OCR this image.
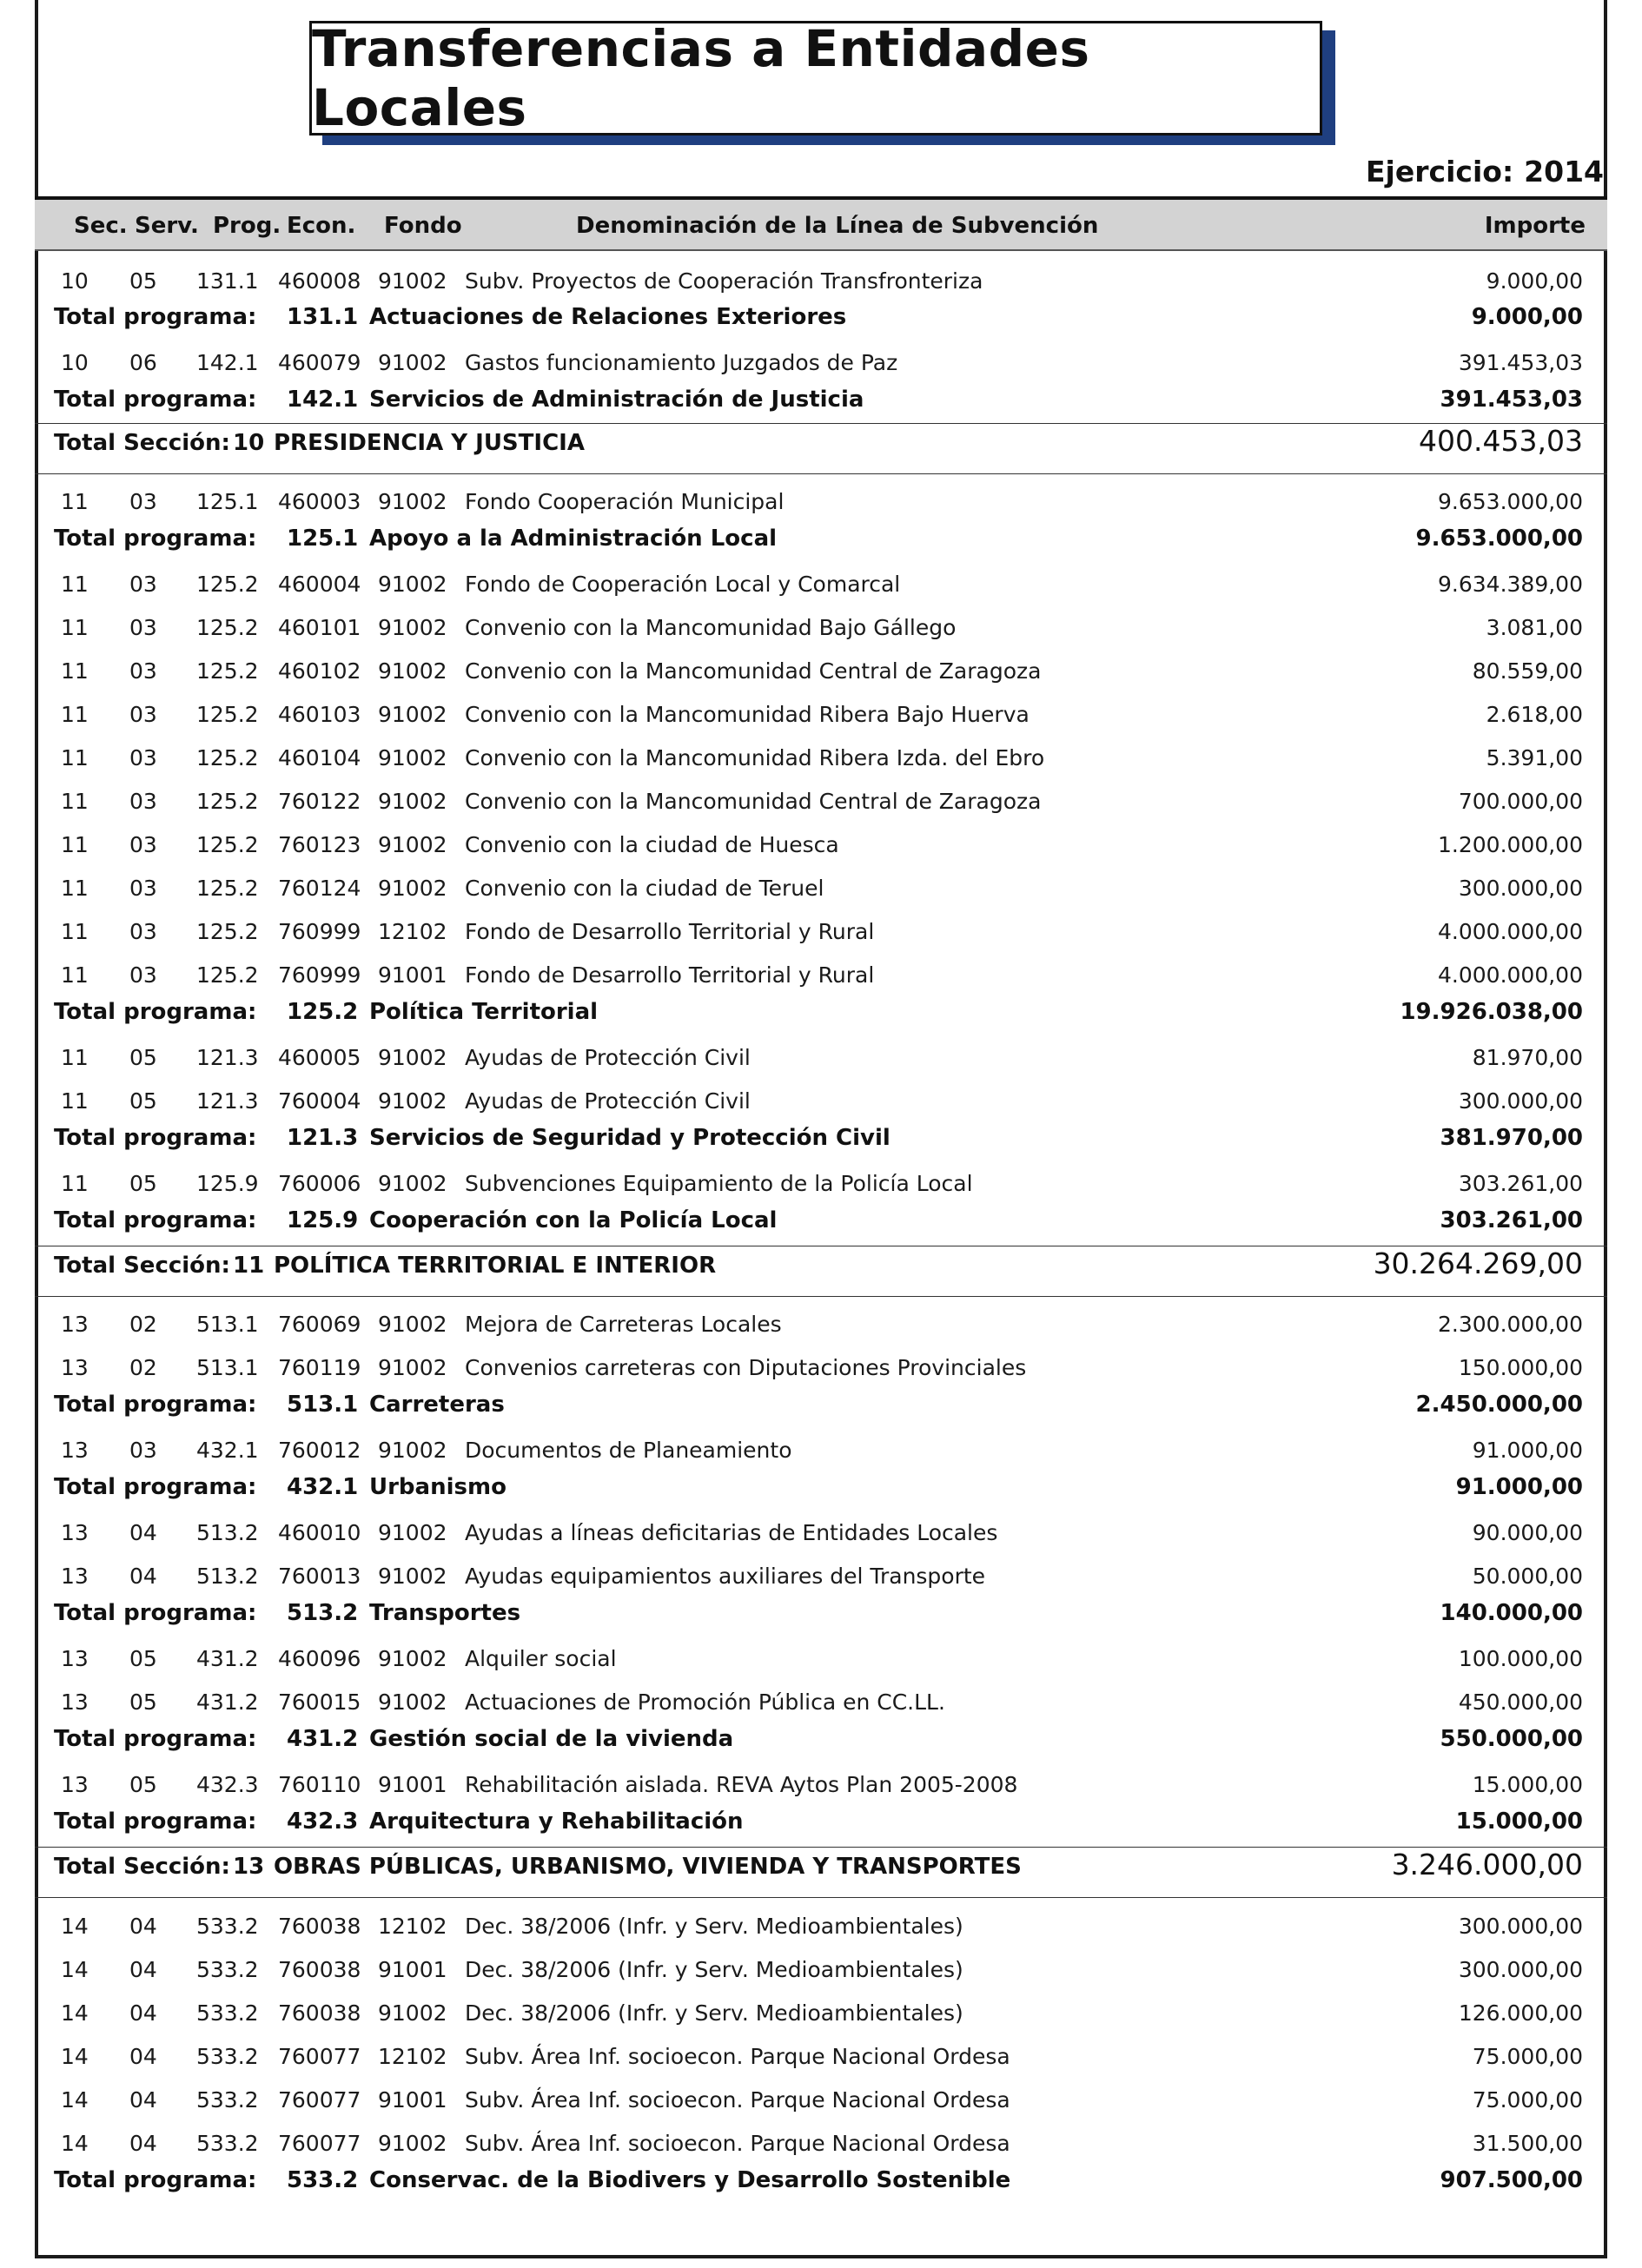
Transferencias a Entidades Locales
Ejercicio: 2014
Sec. Serv. Prog. Econ. Fondo	Denominación de la Línea de Subvención	Importe
10 05 131.1 460008 91002 Subv. Proyectos de Cooperación Transfronteriza	9.000,00
Total programa: 131.1 Actuaciones de Relaciones Exteriores	9.000,00
10 06 142.1 460079 91002 Gastos funcionamiento Juzgados de Paz	391.453,03
Total programa: 142.1 Servicios de Administración de Justicia	391.453,03
Total Sección: 10 PRESIDENCIA Y JUSTICIA	400.453,03
11 03 125.1 460003 91002 Fondo Cooperación Municipal	9.653.000,00
Total programa: 125.1 Apoyo a la Administración Local	9.653.000,00
11 03 125.2 460004 91002 Fondo de Cooperación Local y Comarcal	9.634.389,00
11 03 125.2 460101 91002 Convenio con la Mancomunidad Bajo Gállego	3.081,00
11 03 125.2 460102 91002 Convenio con la Mancomunidad Central de Zaragoza	80.559,00
11 03 125.2 460103 91002 Convenio con la Mancomunidad Ribera Bajo Huerva	2.618,00
11 03 125.2 460104 91002 Convenio con la Mancomunidad Ribera Izda. del Ebro	5.391,00
11 03 125.2 760122 91002 Convenio con la Mancomunidad Central de Zaragoza	700.000,00
11 03 125.2 760123 91002 Convenio con la ciudad de Huesca	1.200.000,00
11 03 125.2 760124 91002 Convenio con la ciudad de Teruel	300.000,00
11 03 125.2 760999 12102 Fondo de Desarrollo Territorial y Rural	4.000.000,00
11 03 125.2 760999 91001 Fondo de Desarrollo Territorial y Rural	4.000.000,00
Total programa: 125.2 Política Territorial	19.926.038,00
11 05 121.3 460005 91002 Ayudas de Protección Civil	81.970,00
11 05 121.3 760004 91002 Ayudas de Protección Civil	300.000,00
Total programa: 121.3 Servicios de Seguridad y Protección Civil	381.970,00
11 05 125.9 760006 91002 Subvenciones Equipamiento de la Policía Local	303.261,00
Total programa: 125.9 Cooperación con la Policía Local	303.261,00
Total Sección: 11 POLÍTICA TERRITORIAL E INTERIOR	30.264.269,00
13 02 513.1 760069 91002 Mejora de Carreteras Locales	2.300.000,00
13 02 513.1 760119 91002 Convenios carreteras con Diputaciones Provinciales	150.000,00
Total programa: 513.1 Carreteras	2.450.000,00
13 03 432.1 760012 91002 Documentos de Planeamiento	91.000,00
Total programa: 432.1 Urbanismo	91.000,00
13 04 513.2 460010 91002 Ayudas a líneas deficitarias de Entidades Locales	90.000,00
13 04 513.2 760013 91002 Ayudas equipamientos auxiliares del Transporte	50.000,00
Total programa: 513.2 Transportes	140.000,00
13 05 431.2 460096 91002 Alquiler social	100.000,00
13 05 431.2 760015 91002 Actuaciones de Promoción Pública en CC.LL.	450.000,00
Total programa: 431.2 Gestión social de la vivienda	550.000,00
13 05 432.3 760110 91001 Rehabilitación aislada. REVA Aytos Plan 2005-2008	15.000,00
Total programa: 432.3 Arquitectura y Rehabilitación	15.000,00
Total Sección: 13 OBRAS PÚBLICAS, URBANISMO, VIVIENDA Y TRANSPORTES	3.246.000,00
14 04 533.2 760038 12102 Dec. 38/2006 (Infr. y Serv. Medioambientales)	300.000,00
14 04 533.2 760038 91001 Dec. 38/2006 (Infr. y Serv. Medioambientales)	300.000,00
14 04 533.2 760038 91002 Dec. 38/2006 (Infr. y Serv. Medioambientales)	126.000,00
14 04 533.2 760077 12102 Subv. Área Inf. socioecon. Parque Nacional Ordesa	75.000,00
14 04 533.2 760077 91001 Subv. Área Inf. socioecon. Parque Nacional Ordesa	75.000,00
14 04 533.2 760077 91002 Subv. Área Inf. socioecon. Parque Nacional Ordesa	31.500,00
Total programa: 533.2 Conservac. de la Biodivers y Desarrollo Sostenible	907.500,00
